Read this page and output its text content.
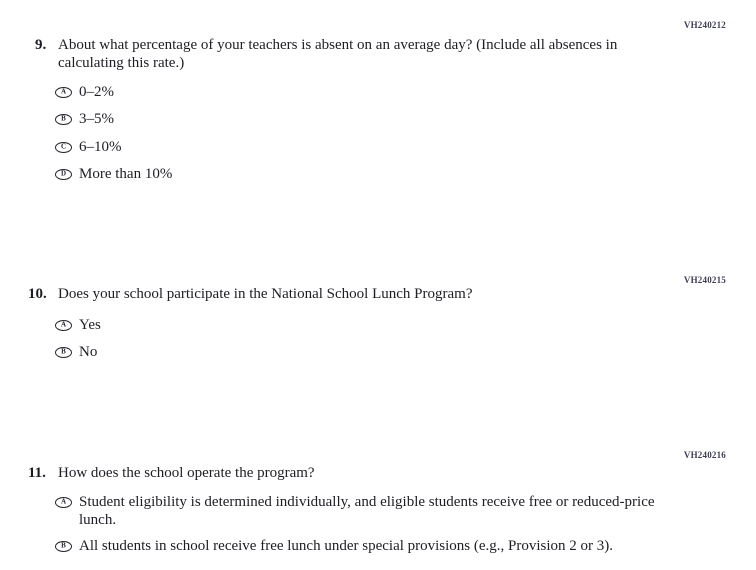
VH240212
9. About what percentage of your teachers is absent on an average day? (Include all absences in calculating this rate.)
A 0–2%
B 3–5%
C 6–10%
D More than 10%
VH240215
10. Does your school participate in the National School Lunch Program?
A Yes
B No
VH240216
11. How does the school operate the program?
A Student eligibility is determined individually, and eligible students receive free or reduced-price lunch.
B All students in school receive free lunch under special provisions (e.g., Provision 2 or 3).
